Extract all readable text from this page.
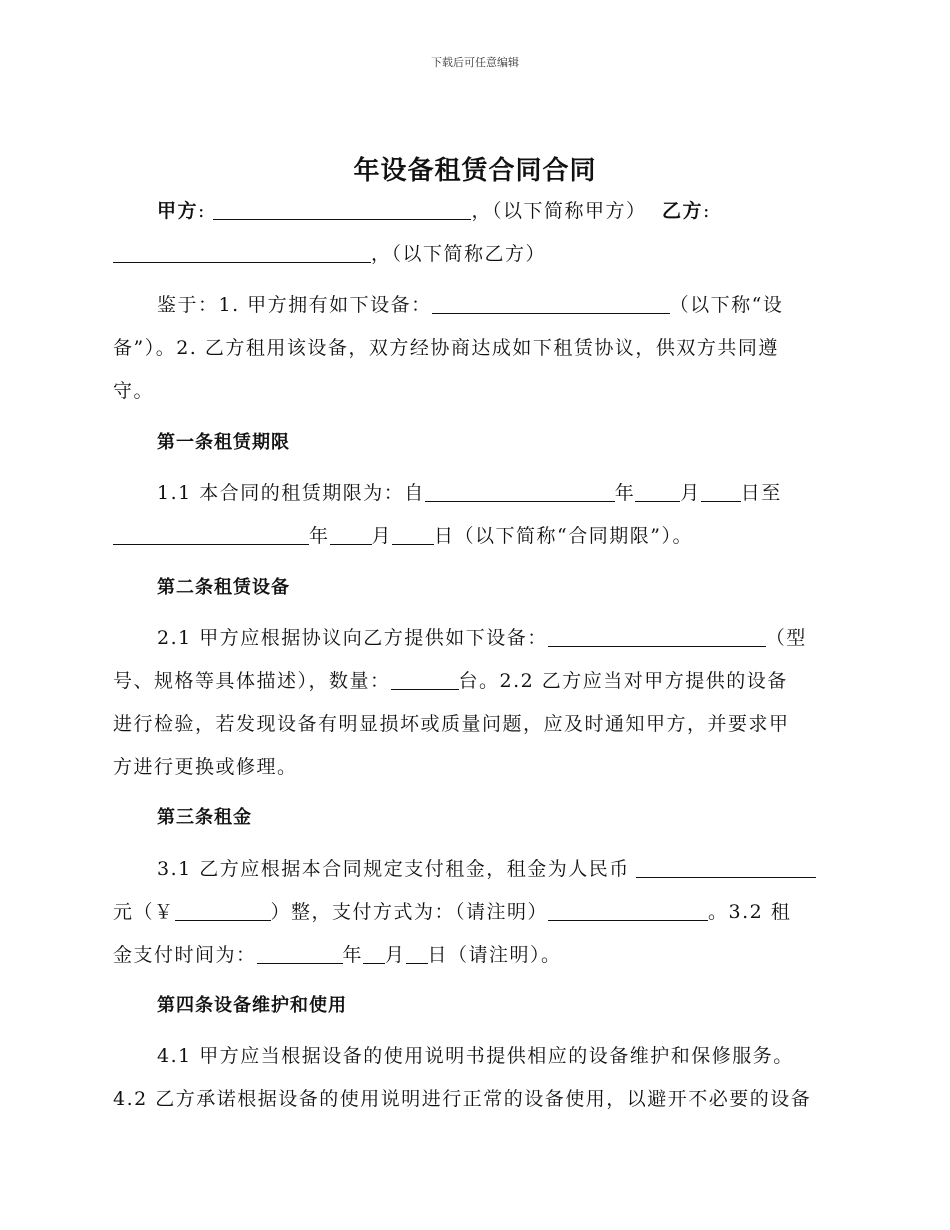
下载后可任意编辑
年设备租赁合同合同
甲方:	，（以下简称甲方） 乙方:
，（以下简称乙方）
鉴于：1. 甲方拥有如下设备：	（以下称“设
备”）。2. 乙方租用该设备，双方经协商达成如下租赁协议，供双方共同遵
守。
第一条租赁期限
1.1 本合同的租赁期限为：自	年 月 日至
年 月 日（以下简称“合同期限”）。
第二条租赁设备
2.1 甲方应根据协议向乙方提供如下设备：	（型
号、规格等具体描述），数量：	台。2.2 乙方应当对甲方提供的设备
进行检验，若发现设备有明显损坏或质量问题，应及时通知甲方，并要求甲
方进行更换或修理。
第三条租金
3.1 乙方应根据本合同规定支付租金，租金为人民币
元（￥	）整，支付方式为：（请注明）	。3.2 租
金支付时间为：	年 月 日（请注明）。
第四条设备维护和使用
4.1 甲方应当根据设备的使用说明书提供相应的设备维护和保修服务。
4.2 乙方承诺根据设备的使用说明进行正常的设备使用，以避开不必要的设备
